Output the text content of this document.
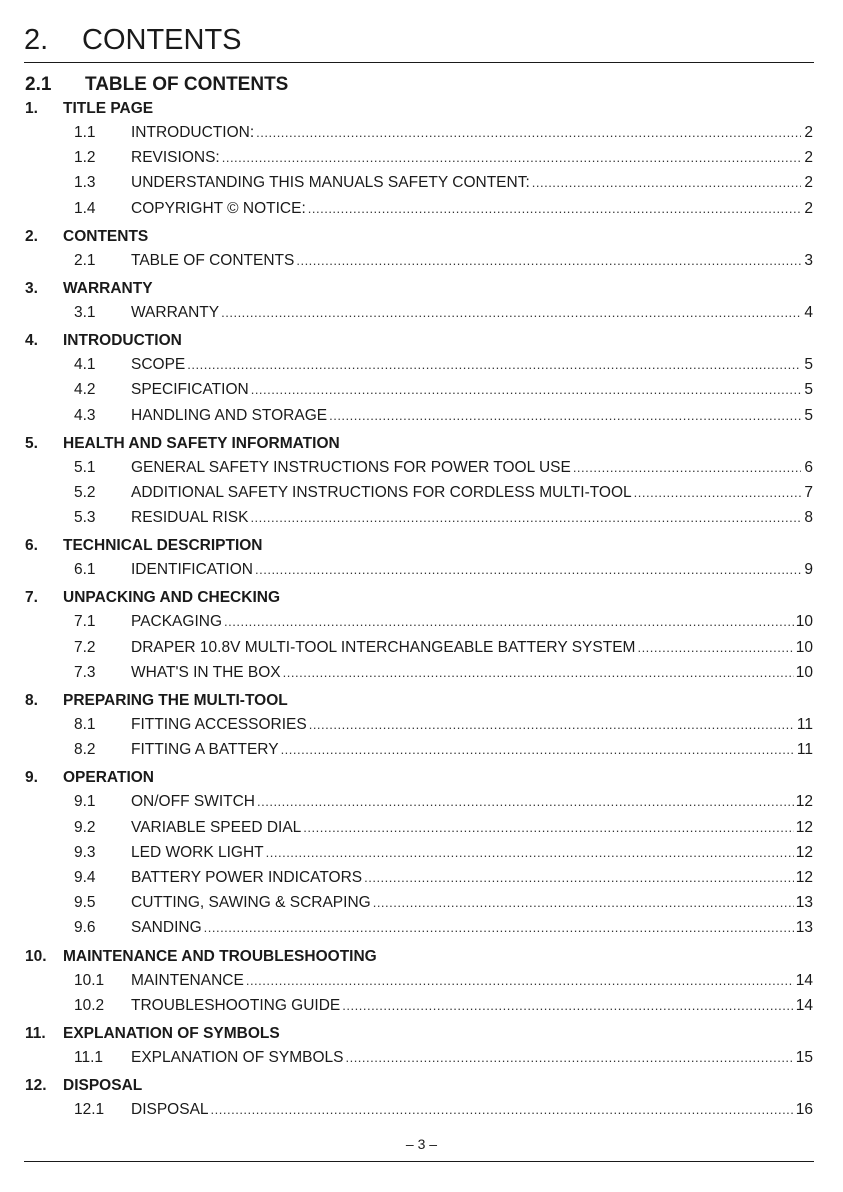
2. CONTENTS
2.1 TABLE OF CONTENTS
1. TITLE PAGE
1.1	INTRODUCTION: .....	2
1.2	REVISIONS: .....	2
1.3	UNDERSTANDING THIS MANUALS SAFETY CONTENT: .....	2
1.4	COPYRIGHT © NOTICE: .....	2
2. CONTENTS
2.1	TABLE OF CONTENTS .....	3
3. WARRANTY
3.1	WARRANTY .....	4
4. INTRODUCTION
4.1	SCOPE .....	5
4.2	SPECIFICATION .....	5
4.3	HANDLING AND STORAGE .....	5
5. HEALTH AND SAFETY INFORMATION
5.1	GENERAL SAFETY INSTRUCTIONS FOR POWER TOOL USE .....	6
5.2	ADDITIONAL SAFETY INSTRUCTIONS FOR CORDLESS MULTI-TOOL .....	7
5.3	RESIDUAL RISK .....	8
6. TECHNICAL DESCRIPTION
6.1	IDENTIFICATION .....	9
7. UNPACKING AND CHECKING
7.1	PACKAGING .....	10
7.2	DRAPER 10.8V MULTI-TOOL INTERCHANGEABLE BATTERY SYSTEM .....	10
7.3	WHAT'S IN THE BOX .....	10
8. PREPARING THE MULTI-TOOL
8.1	FITTING ACCESSORIES .....	11
8.2	FITTING A BATTERY .....	11
9. OPERATION
9.1	ON/OFF SWITCH .....	12
9.2	VARIABLE SPEED DIAL .....	12
9.3	LED WORK LIGHT .....	12
9.4	BATTERY POWER INDICATORS .....	12
9.5	CUTTING, SAWING & SCRAPING .....	13
9.6	SANDING .....	13
10. MAINTENANCE AND TROUBLESHOOTING
10.1	MAINTENANCE .....	14
10.2	TROUBLESHOOTING GUIDE .....	14
11. EXPLANATION OF SYMBOLS
11.1	EXPLANATION OF SYMBOLS .....	15
12. DISPOSAL
12.1	DISPOSAL .....	16
– 3 –
